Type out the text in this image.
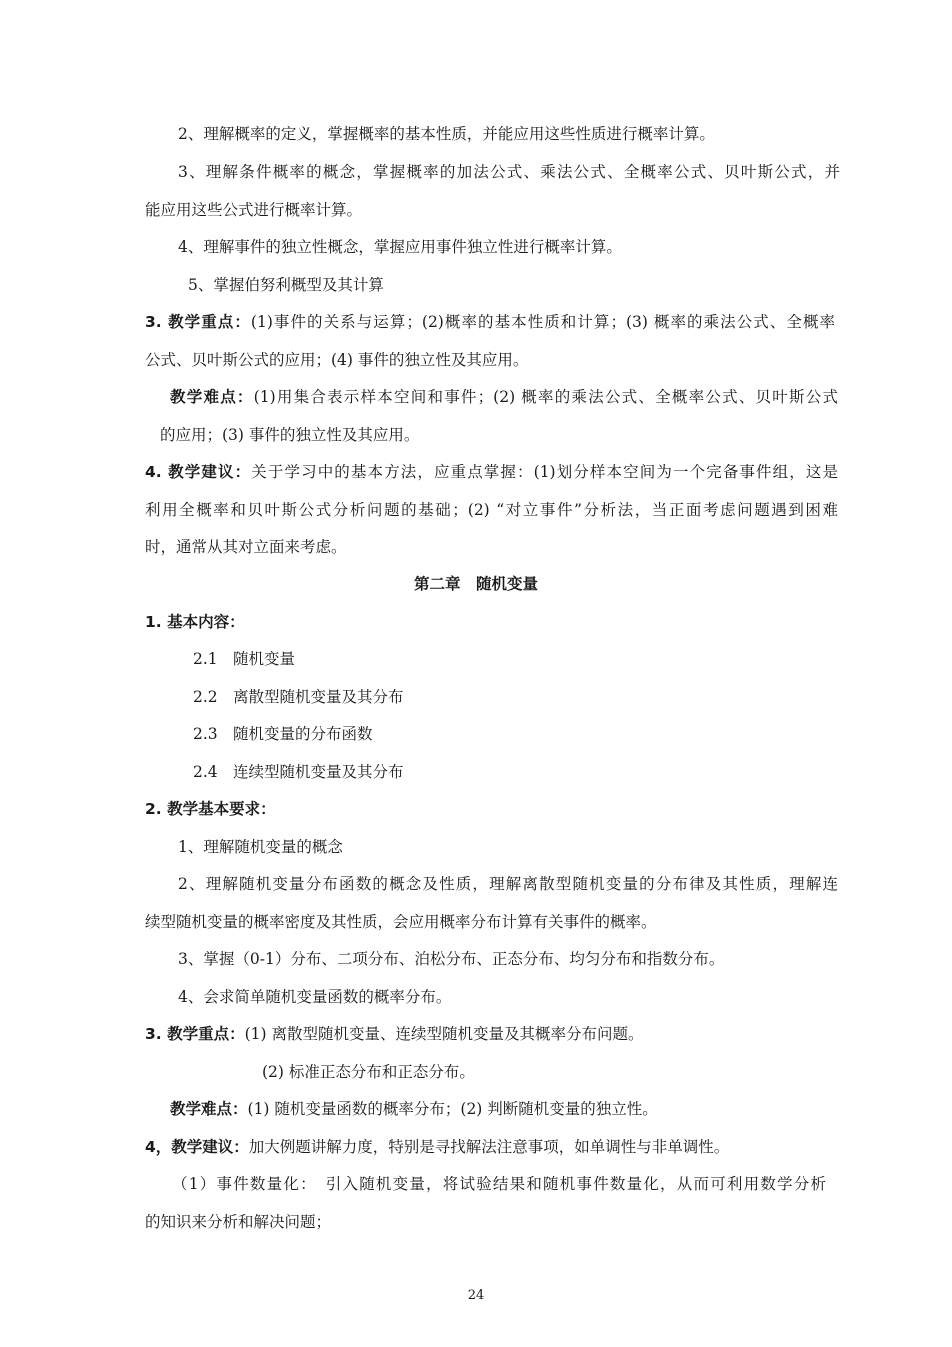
2、理解概率的定义，掌握概率的基本性质，并能应用这些性质进行概率计算。

3、理解条件概率的概念，掌握概率的加法公式、乘法公式、全概率公式、贝叶斯公式，并

能应用这些公式进行概率计算。

4、理解事件的独立性概念，掌握应用事件独立性进行概率计算。

5、掌握伯努利概型及其计算

3. 教学重点：(1)事件的关系与运算；(2)概率的基本性质和计算；(3) 概率的乘法公式、全概率

公式、贝叶斯公式的应用；(4) 事件的独立性及其应用。

教学难点：(1)用集合表示样本空间和事件；(2) 概率的乘法公式、全概率公式、贝叶斯公式

的应用；(3) 事件的独立性及其应用。

4. 教学建议：关于学习中的基本方法，应重点掌握：(1)划分样本空间为一个完备事件组，这是

利用全概率和贝叶斯公式分析问题的基础；(2) “对立事件”分析法，当正面考虑问题遇到困难

时，通常从其对立面来考虑。

第二章　随机变量

1. 基本内容：

2.1 随机变量

2.2 离散型随机变量及其分布

2.3 随机变量的分布函数

2.4 连续型随机变量及其分布

2. 教学基本要求：

1、理解随机变量的概念

2、理解随机变量分布函数的概念及性质，理解离散型随机变量的分布律及其性质，理解连

续型随机变量的概率密度及其性质，会应用概率分布计算有关事件的概率。

3、掌握（0-1）分布、二项分布、泊松分布、正态分布、均匀分布和指数分布。

4、会求简单随机变量函数的概率分布。

3. 教学重点：(1) 离散型随机变量、连续型随机变量及其概率分布问题。

(2) 标准正态分布和正态分布。

教学难点：(1) 随机变量函数的概率分布；(2) 判断随机变量的独立性。

4，教学建议：加大例题讲解力度，特别是寻找解法注意事项，如单调性与非单调性。

（1）事件数量化：　引入随机变量，将试验结果和随机事件数量化，从而可利用数学分析

的知识来分析和解决问题；

24
